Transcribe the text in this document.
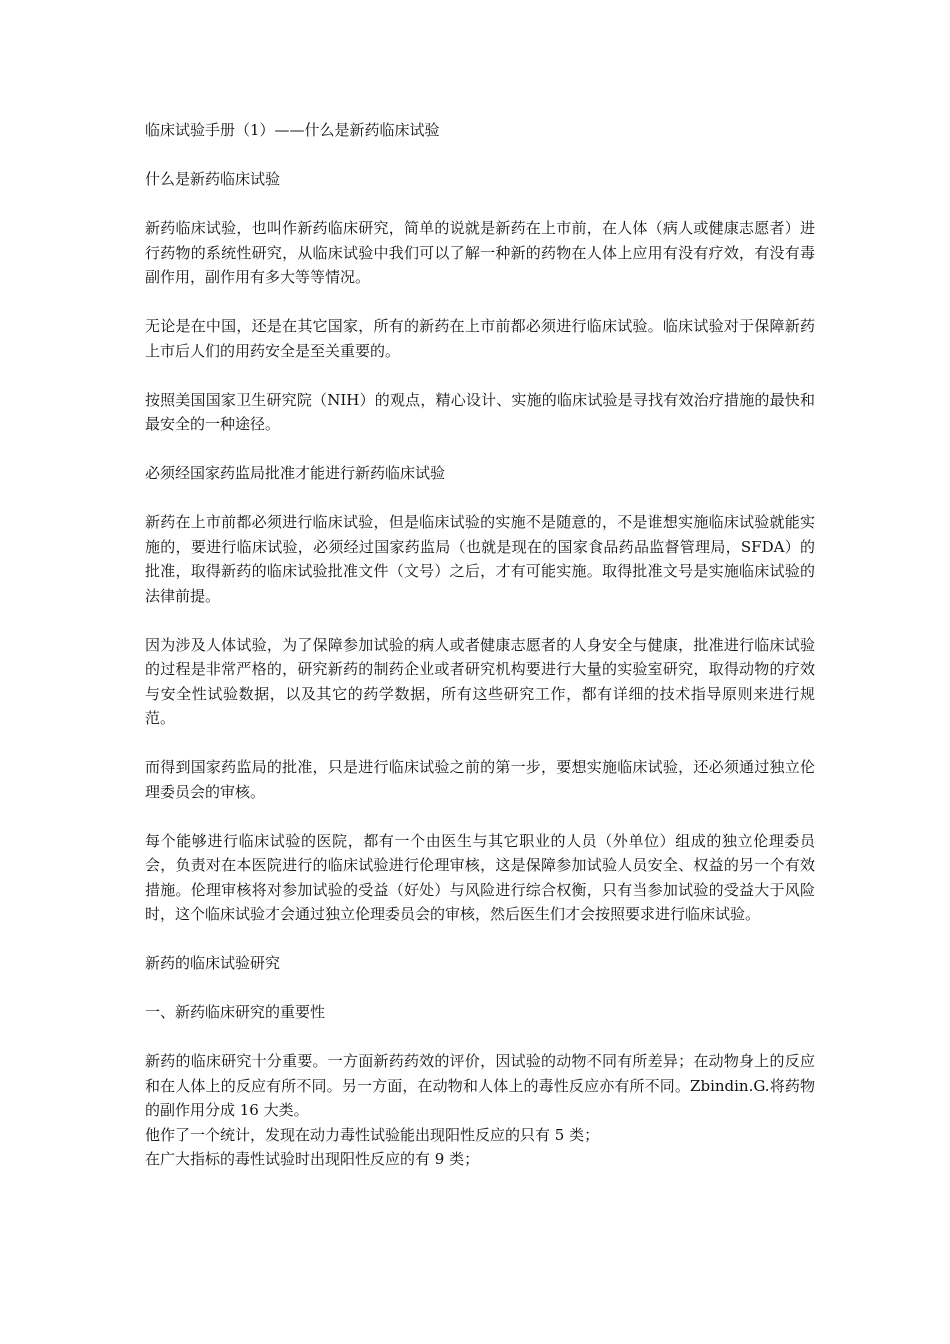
临床试验手册（1）——什么是新药临床试验

什么是新药临床试验

新药临床试验，也叫作新药临床研究，简单的说就是新药在上市前，在人体（病人或健康志愿者）进行药物的系统性研究，从临床试验中我们可以了解一种新的药物在人体上应用有没有疗效，有没有毒副作用，副作用有多大等等情况。

无论是在中国，还是在其它国家，所有的新药在上市前都必须进行临床试验。临床试验对于保障新药上市后人们的用药安全是至关重要的。

按照美国国家卫生研究院（NIH）的观点，精心设计、实施的临床试验是寻找有效治疗措施的最快和最安全的一种途径。

必须经国家药监局批准才能进行新药临床试验

新药在上市前都必须进行临床试验，但是临床试验的实施不是随意的，不是谁想实施临床试验就能实施的，要进行临床试验，必须经过国家药监局（也就是现在的国家食品药品监督管理局，SFDA）的批准，取得新药的临床试验批准文件（文号）之后，才有可能实施。取得批准文号是实施临床试验的法律前提。

因为涉及人体试验，为了保障参加试验的病人或者健康志愿者的人身安全与健康，批准进行临床试验的过程是非常严格的，研究新药的制药企业或者研究机构要进行大量的实验室研究，取得动物的疗效与安全性试验数据，以及其它的药学数据，所有这些研究工作，都有详细的技术指导原则来进行规范。

而得到国家药监局的批准，只是进行临床试验之前的第一步，要想实施临床试验，还必须通过独立伦理委员会的审核。

每个能够进行临床试验的医院，都有一个由医生与其它职业的人员（外单位）组成的独立伦理委员会，负责对在本医院进行的临床试验进行伦理审核，这是保障参加试验人员安全、权益的另一个有效措施。伦理审核将对参加试验的受益（好处）与风险进行综合权衡，只有当参加试验的受益大于风险时，这个临床试验才会通过独立伦理委员会的审核，然后医生们才会按照要求进行临床试验。

新药的临床试验研究

一、新药临床研究的重要性

新药的临床研究十分重要。一方面新药药效的评价，因试验的动物不同有所差异；在动物身上的反应和在人体上的反应有所不同。另一方面，在动物和人体上的毒性反应亦有所不同。Zbindin.G.将药物的副作用分成 16 大类。

他作了一个统计，发现在动力毒性试验能出现阳性反应的只有 5 类；

在广大指标的毒性试验时出现阳性反应的有 9 类；
